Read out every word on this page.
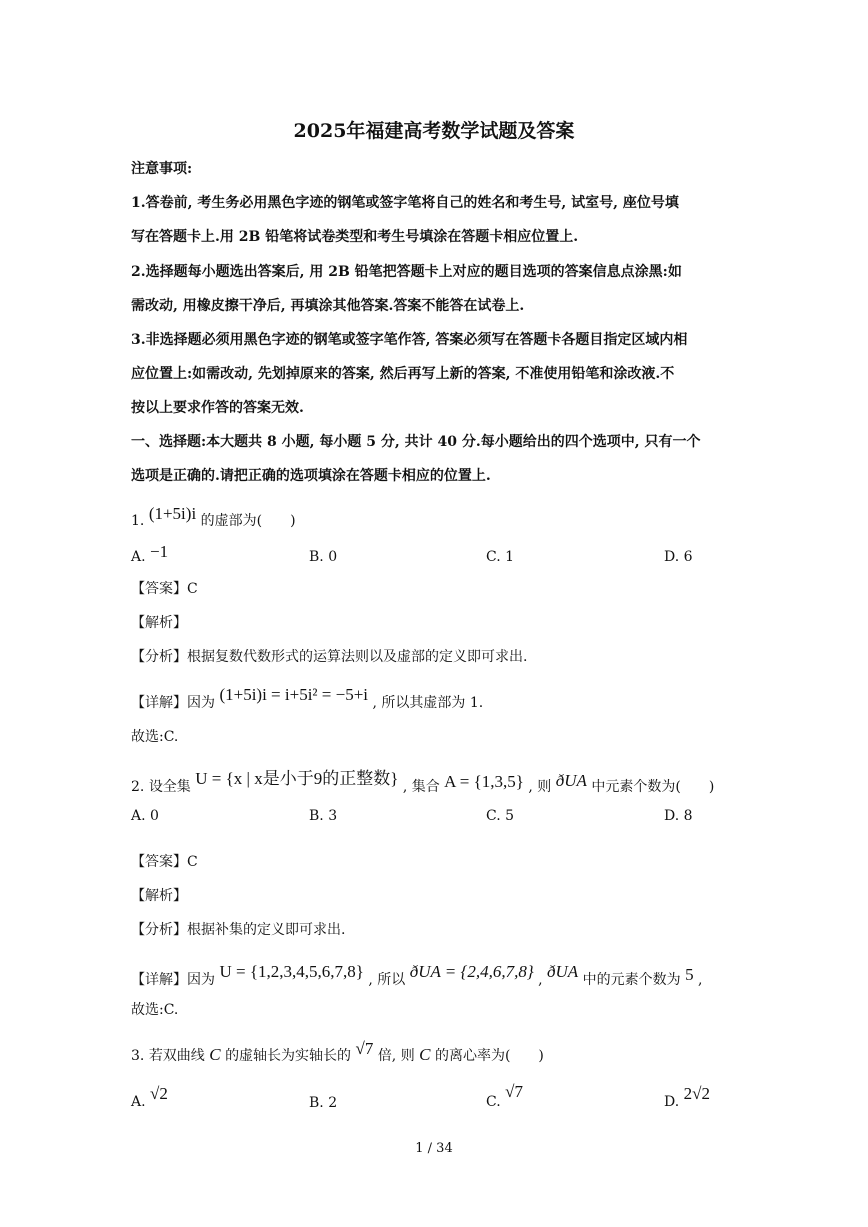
2025年福建高考数学试题及答案
注意事项:
1.答卷前, 考生务必用黑色字迹的钢笔或签字笔将自己的姓名和考生号, 试室号, 座位号填
写在答题卡上.用 2B 铅笔将试卷类型和考生号填涂在答题卡相应位置上.
2.选择题每小题选出答案后, 用 2B 铅笔把答题卡上对应的题目选项的答案信息点涂黑:如
需改动, 用橡皮擦干净后, 再填涂其他答案.答案不能答在试卷上.
3.非选择题必须用黑色字迹的钢笔或签字笔作答, 答案必须写在答题卡各题目指定区域内相
应位置上:如需改动, 先划掉原来的答案, 然后再写上新的答案, 不准使用铅笔和涂改液.不
按以上要求作答的答案无效.
一、选择题:本大题共 8 小题, 每小题 5 分, 共计 40 分.每小题给出的四个选项中, 只有一个
选项是正确的.请把正确的选项填涂在答题卡相应的位置上.
1. (1+5i)i 的虚部为(　　)
A. −1	B. 0	C. 1	D. 6
【答案】C
【解析】
【分析】根据复数代数形式的运算法则以及虚部的定义即可求出.
【详解】因为 (1+5i)i = i+5i² = −5+i , 所以其虚部为 1.
故选:C.
2. 设全集 U = {x | x是小于9的正整数} , 集合 A = {1,3,5} , 则 ðUA 中元素个数为(　　)
A. 0	B. 3	C. 5	D. 8
【答案】C
【解析】
【分析】根据补集的定义即可求出.
【详解】因为 U = {1,2,3,4,5,6,7,8} , 所以 ðUA = {2,4,6,7,8} , ðUA 中的元素个数为 5 ,
故选:C.
3. 若双曲线 C 的虚轴长为实轴长的 √7 倍, 则 C 的离心率为(　　)
A. √2	B. 2	C. √7
D. 2√2
1 / 34
